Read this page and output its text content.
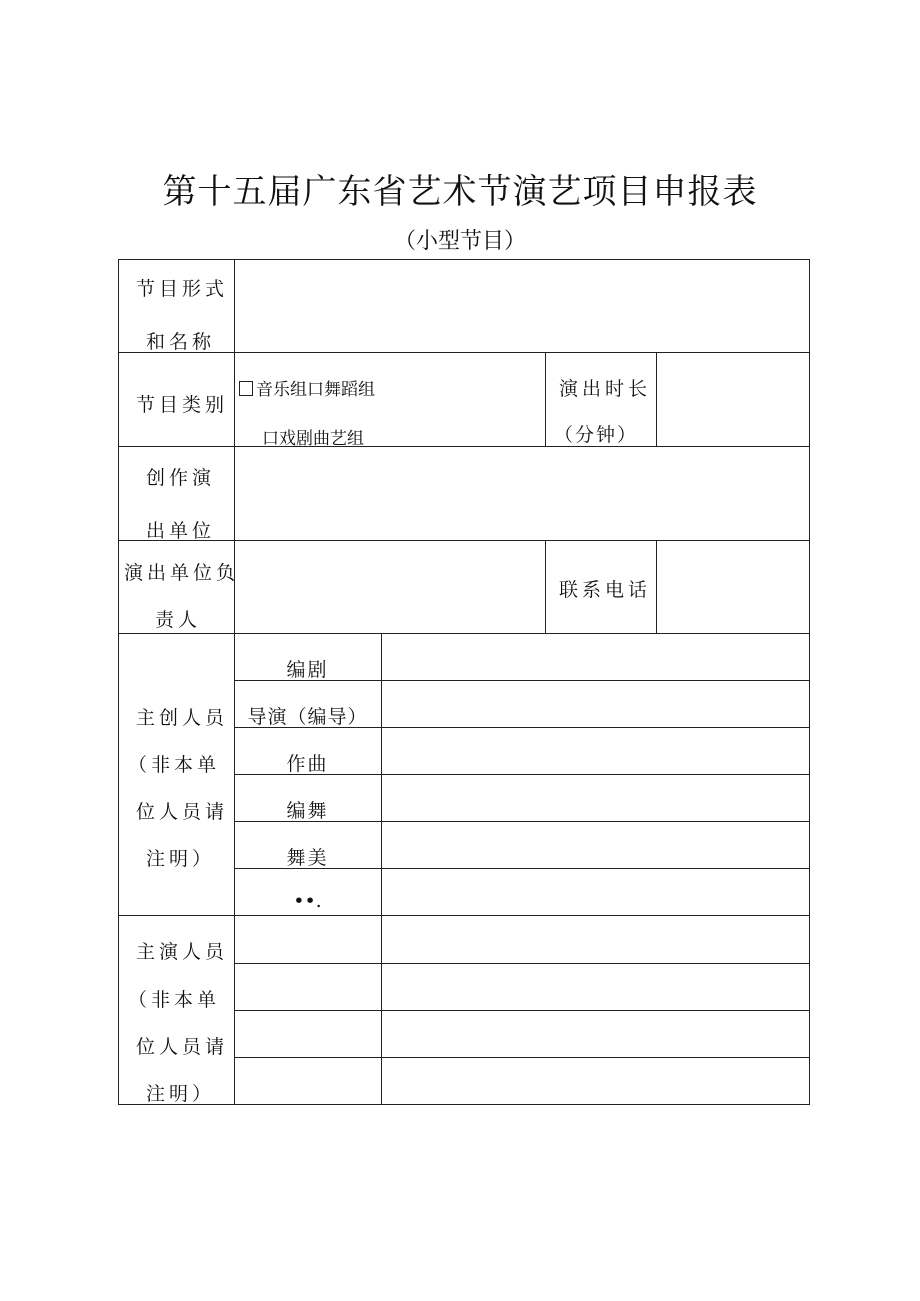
第十五届广东省艺术节演艺项目申报表
（小型节目）
节目形式
和名称
节目类别
音乐组口舞蹈组
口戏剧曲艺组
演出时长
（分钟）
创作演
出单位
演出单位负
责人
联系电话
主创人员
（非本单
位人员请
注明）
编剧
导演（编导）
作曲
编舞
舞美
••.
主演人员
（非本单
位人员请
注明）
